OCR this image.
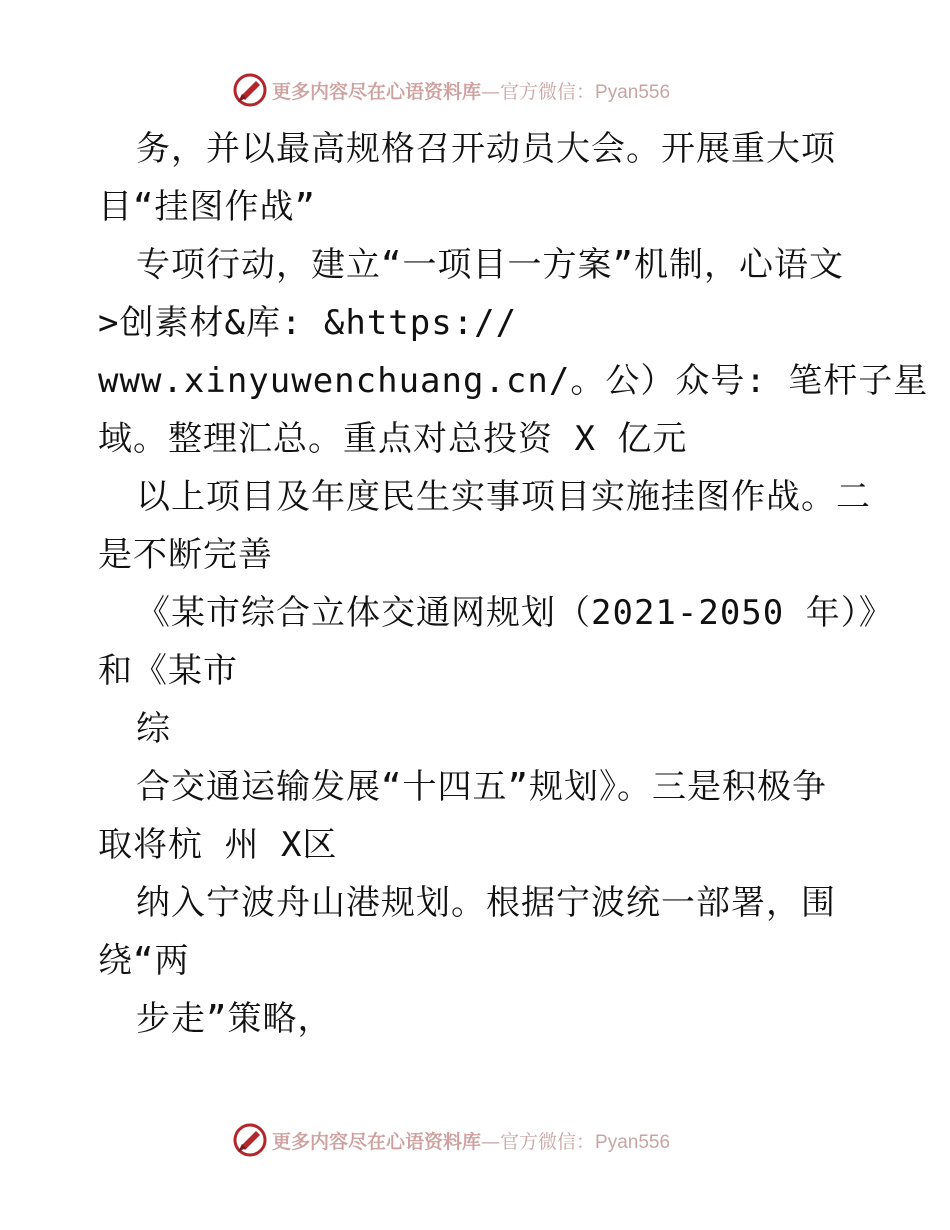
更多内容尽在心语资料库—官方微信：Pyan556
务，并以最高规格召开动员大会。开展重大项
目“挂图作战”
专项行动，建立“一项目一方案”机制，心语文
>创素材&库: &https://
www.xinyuwenchuang.cn/。公）众号: 笔杆子星
域。整理汇总。重点对总投资 X 亿元
以上项目及年度民生实事项目实施挂图作战。二
是不断完善
《某市综合立体交通网规划（2021-2050 年）》
和《某市
综
合交通运输发展“十四五”规划》。三是积极争
取将杭 州 X区
纳入宁波舟山港规划。根据宁波统一部署，围
绕“两
步走”策略，
更多内容尽在心语资料库—官方微信：Pyan556
